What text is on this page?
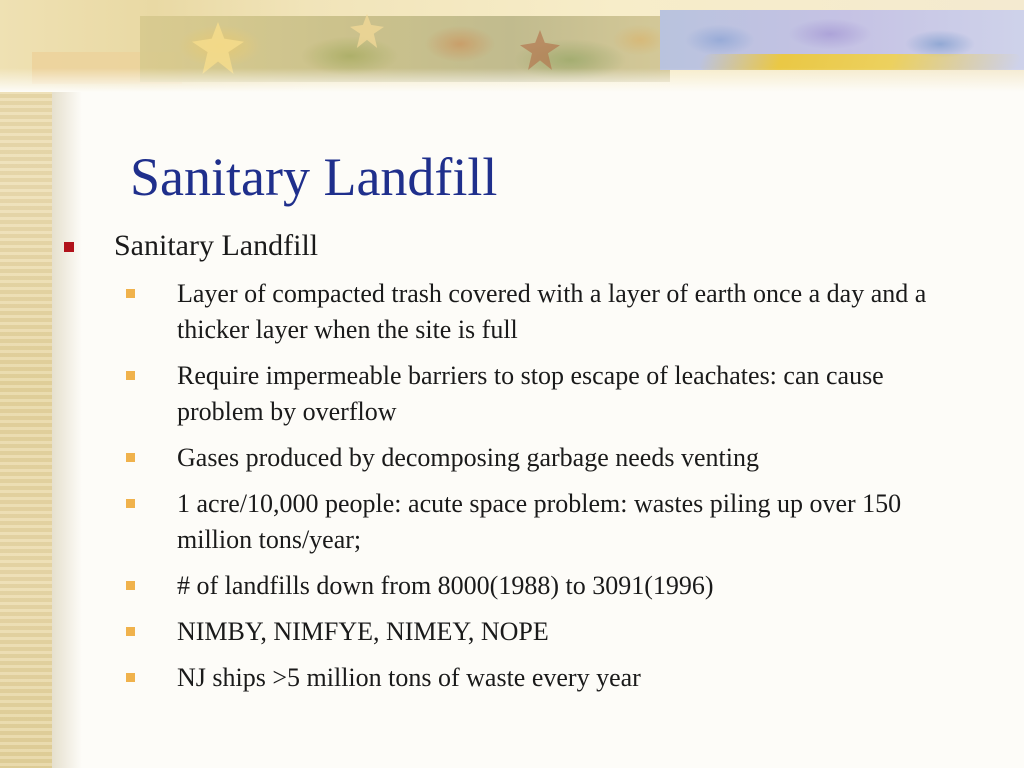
Sanitary Landfill
Sanitary Landfill
Layer of compacted trash covered with a layer of earth once a day and a thicker layer when the site is full
Require impermeable barriers to stop escape of leachates: can cause problem by overflow
Gases produced by decomposing garbage needs venting
1 acre/10,000 people: acute space problem: wastes piling up over 150 million tons/year;
# of landfills down from 8000(1988) to 3091(1996)
NIMBY, NIMFYE, NIMEY, NOPE
NJ ships >5 million tons of waste every year
